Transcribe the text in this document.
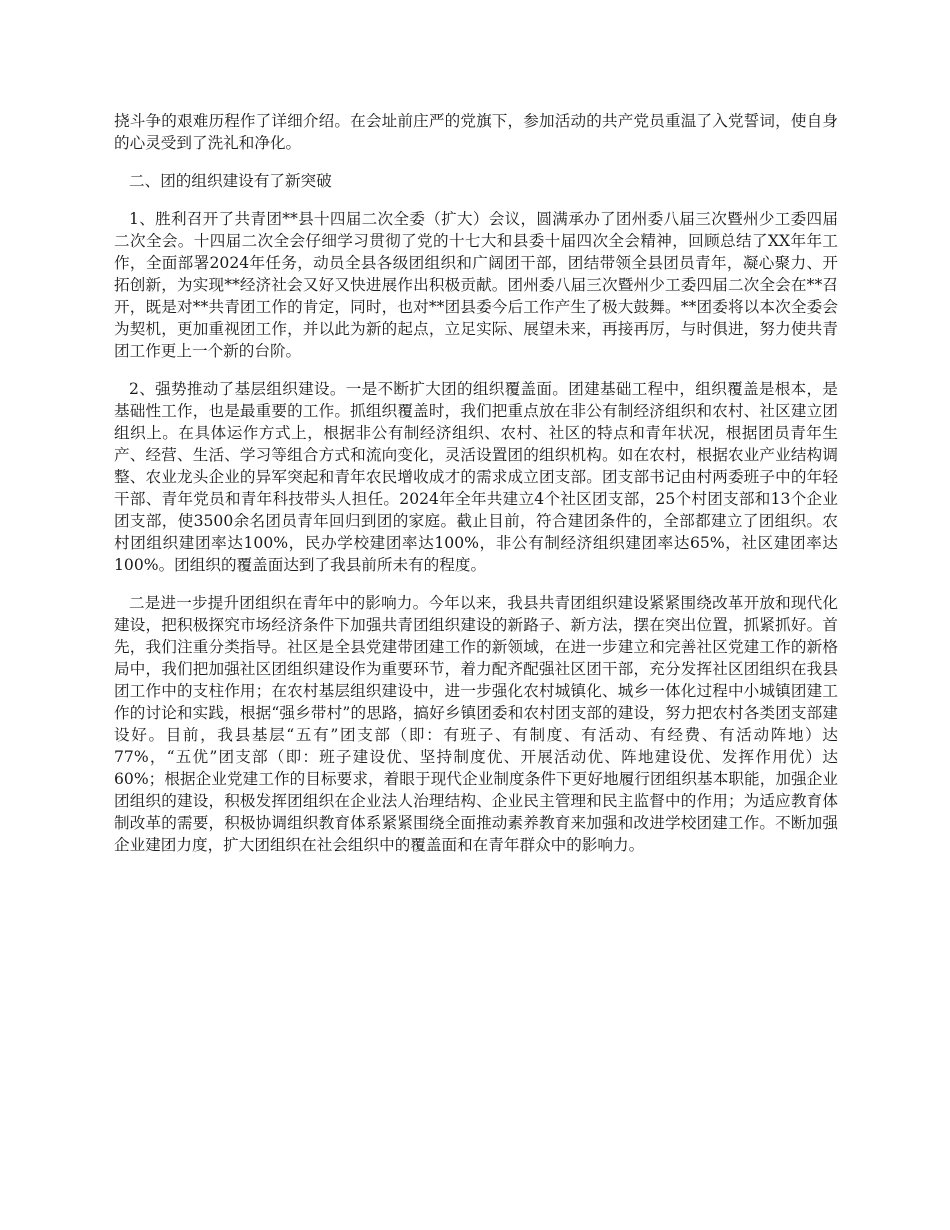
挠斗争的艰难历程作了详细介绍。在会址前庄严的党旗下，参加活动的共产党员重温了入党誓词，使自身的心灵受到了洗礼和净化。

二、团的组织建设有了新突破

1、胜利召开了共青团**县十四届二次全委（扩大）会议，圆满承办了团州委八届三次暨州少工委四届二次全会。十四届二次全会仔细学习贯彻了党的十七大和县委十届四次全会精神，回顾总结了XX年年工作，全面部署2024年任务，动员全县各级团组织和广阔团干部，团结带领全县团员青年，凝心聚力、开拓创新，为实现**经济社会又好又快进展作出积极贡献。团州委八届三次暨州少工委四届二次全会在**召开，既是对**共青团工作的肯定，同时，也对**团县委今后工作产生了极大鼓舞。**团委将以本次全委会为契机，更加重视团工作，并以此为新的起点，立足实际、展望未来，再接再厉，与时俱进，努力使共青团工作更上一个新的台阶。

2、强势推动了基层组织建设。一是不断扩大团的组织覆盖面。团建基础工程中，组织覆盖是根本，是基础性工作，也是最重要的工作。抓组织覆盖时，我们把重点放在非公有制经济组织和农村、社区建立团组织上。在具体运作方式上，根据非公有制经济组织、农村、社区的特点和青年状况，根据团员青年生产、经营、生活、学习等组合方式和流向变化，灵活设置团的组织机构。如在农村，根据农业产业结构调整、农业龙头企业的异军突起和青年农民增收成才的需求成立团支部。团支部书记由村两委班子中的年轻干部、青年党员和青年科技带头人担任。2024年全年共建立4个社区团支部，25个村团支部和13个企业团支部，使3500余名团员青年回归到团的家庭。截止目前，符合建团条件的，全部都建立了团组织。农村团组织建团率达100%，民办学校建团率达100%，非公有制经济组织建团率达65%，社区建团率达100%。团组织的覆盖面达到了我县前所未有的程度。

二是进一步提升团组织在青年中的影响力。今年以来，我县共青团组织建设紧紧围绕改革开放和现代化建设，把积极探究市场经济条件下加强共青团组织建设的新路子、新方法，摆在突出位置，抓紧抓好。首先，我们注重分类指导。社区是全县党建带团建工作的新领域，在进一步建立和完善社区党建工作的新格局中，我们把加强社区团组织建设作为重要环节，着力配齐配强社区团干部，充分发挥社区团组织在我县团工作中的支柱作用；在农村基层组织建设中，进一步强化农村城镇化、城乡一体化过程中小城镇团建工作的讨论和实践，根据“强乡带村”的思路，搞好乡镇团委和农村团支部的建设，努力把农村各类团支部建设好。目前，我县基层“五有”团支部（即：有班子、有制度、有活动、有经费、有活动阵地）达77%，“五优”团支部（即：班子建设优、坚持制度优、开展活动优、阵地建设优、发挥作用优）达60%；根据企业党建工作的目标要求，着眼于现代企业制度条件下更好地履行团组织基本职能，加强企业团组织的建设，积极发挥团组织在企业法人治理结构、企业民主管理和民主监督中的作用；为适应教育体制改革的需要，积极协调组织教育体系紧紧围绕全面推动素养教育来加强和改进学校团建工作。不断加强企业建团力度，扩大团组织在社会组织中的覆盖面和在青年群众中的影响力。
